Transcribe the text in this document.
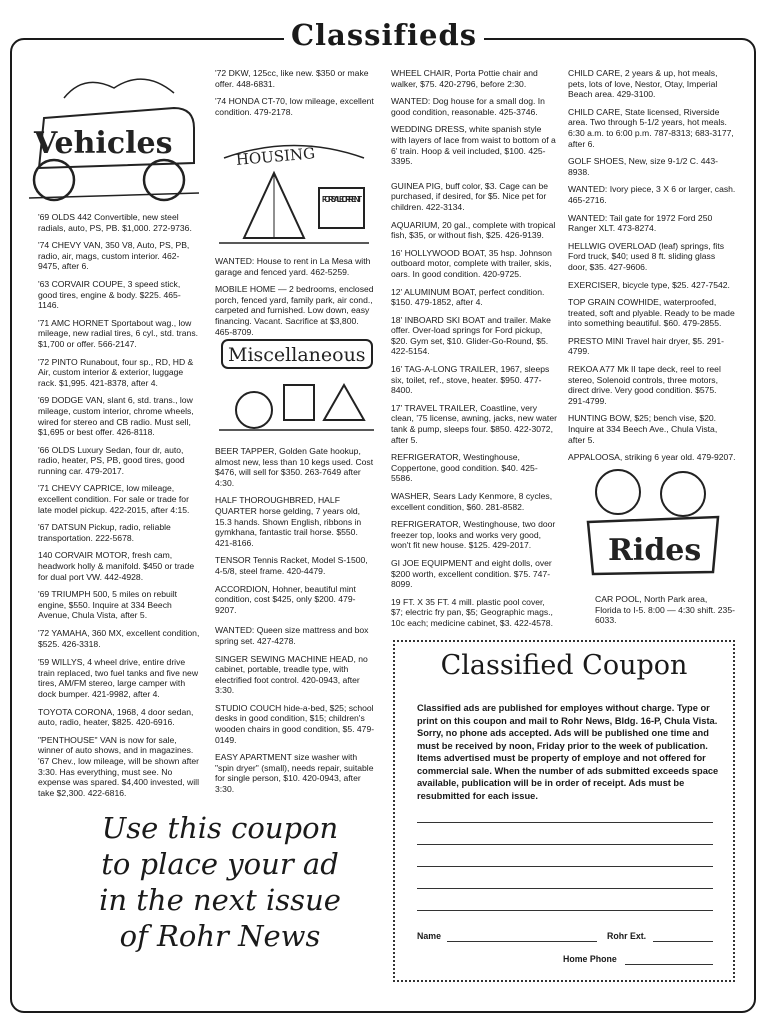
Classifieds
Vehicles	HOUSING
FOR SALE OR RENT
Miscellaneous
Rides
'69 OLDS 442 Convertible, new steel radials, auto, PS, PB. $1,000. 272-9736.
'74 CHEVY VAN, 350 V8, Auto, PS, PB, radio, air, mags, custom interior. 462-9475, after 6.
'63 CORVAIR COUPE, 3 speed stick, good tires, engine & body. $225. 465-1146.
'71 AMC HORNET Sportabout wag., low mileage, new radial tires, 6 cyl., std. trans. $1,700 or offer. 566-2147.
'72 PINTO Runabout, four sp., RD, HD & Air, custom interior & exterior, luggage rack. $1,995. 421-8378, after 4.
'69 DODGE VAN, slant 6, std. trans., low mileage, custom interior, chrome wheels, wired for stereo and CB radio. Must sell, $1,695 or best offer. 426-8118.
'66 OLDS Luxury Sedan, four dr, auto, radio, heater, PS, PB, good tires, good running car. 479-2017.
'71 CHEVY CAPRICE, low mileage, excellent condition. For sale or trade for late model pickup. 422-2015, after 4:15.
'67 DATSUN Pickup, radio, reliable transportation. 222-5678.
140 CORVAIR MOTOR, fresh cam, headwork holly & manifold. $450 or trade for dual port VW. 442-4928.
'69 TRIUMPH 500, 5 miles on rebuilt engine, $550. Inquire at 334 Beech Avenue, Chula Vista, after 5.
'72 YAMAHA, 360 MX, excellent condition, $525. 426-3318.
'59 WILLYS, 4 wheel drive, entire drive train replaced, two fuel tanks and five new tires, AM/FM stereo, large camper with dock bumper. 421-9982, after 4.
TOYOTA CORONA, 1968, 4 door sedan, auto, radio, heater, $825. 420-6916.
"PENTHOUSE" VAN is now for sale, winner of auto shows, and in magazines. '67 Chev., low mileage, will be shown after 3:30. Has everything, must see. No expense was spared. $4,400 invested, will take $2,300. 422-6816.
'72 DKW, 125cc, like new. $350 or make offer. 448-6831.
'74 HONDA CT-70, low mileage, excellent condition. 479-2178.
WANTED: House to rent in La Mesa with garage and fenced yard. 462-5259.
MOBILE HOME — 2 bedrooms, enclosed porch, fenced yard, family park, air cond., carpeted and furnished. Low down, easy financing. Vacant. Sacrifice at $3,800. 465-8709.
BEER TAPPER, Golden Gate hookup, almost new, less than 10 kegs used. Cost $476, will sell for $350. 263-7649 after 4:30.
HALF THOROUGHBRED, HALF QUARTER horse gelding, 7 years old, 15.3 hands. Shown English, ribbons in gymkhana, fantastic trail horse. $550. 421-8166.
TENSOR Tennis Racket, Model S-1500, 4-5/8, steel frame. 420-4479.
ACCORDION, Hohner, beautiful mint condition, cost $425, only $200. 479-9207.
WANTED: Queen size mattress and box spring set. 427-4278.
SINGER SEWING MACHINE HEAD, no cabinet, portable, treadle type, with electrified foot control. 420-0943, after 3:30.
STUDIO COUCH hide-a-bed, $25; school desks in good condition, $15; children's wooden chairs in good condition, $5. 479-0149.
EASY APARTMENT size washer with "spin dryer" (small), needs repair, suitable for single person, $10. 420-0943, after 3:30.
WHEEL CHAIR, Porta Pottie chair and walker, $75. 420-2796, before 2:30.
WANTED: Dog house for a small dog. In good condition, reasonable. 425-3746.
WEDDING DRESS, white spanish style with layers of lace from waist to bottom of a 6' train. Hoop & veil included, $100. 425-3395.
GUINEA PIG, buff color, $3. Cage can be purchased, if desired, for $5. Nice pet for children. 422-3134.
AQUARIUM, 20 gal., complete with tropical fish, $35, or without fish, $25. 426-9139.
16' HOLLYWOOD BOAT, 35 hsp. Johnson outboard motor, complete with trailer, skis, oars. In good condition. 420-9725.
12' ALUMINUM BOAT, perfect condition. $150. 479-1852, after 4.
18' INBOARD SKI BOAT and trailer. Make offer. Over-load springs for Ford pickup, $20. Gym set, $10. Glider-Go-Round, $5. 422-5154.
16' TAG-A-LONG TRAILER, 1967, sleeps six, toilet, ref., stove, heater. $950. 477-8400.
17' TRAVEL TRAILER, Coastline, very clean, '75 license, awning, jacks, new water tank & pump, sleeps four. $850. 422-3072, after 5.
REFRIGERATOR, Westinghouse, Coppertone, good condition. $40. 425-5586.
WASHER, Sears Lady Kenmore, 8 cycles, excellent condition, $60. 281-8582.
REFRIGERATOR, Westinghouse, two door freezer top, looks and works very good, won't fit new house. $125. 429-2017.
GI JOE EQUIPMENT and eight dolls, over $200 worth, excellent condition. $75. 747-8099.
19 FT. X 35 FT. 4 mill. plastic pool cover, $7; electric fry pan, $5; Geographic mags., 10c each; medicine cabinet, $3. 422-4578.
CHILD CARE, 2 years & up, hot meals, pets, lots of love, Nestor, Otay, Imperial Beach area. 429-3100.
CHILD CARE, State licensed, Riverside area. Two through 5-1/2 years, hot meals. 6:30 a.m. to 6:00 p.m. 787-8313; 683-3177, after 6.
GOLF SHOES, New, size 9-1/2 C. 443-8938.
WANTED: Ivory piece, 3 X 6 or larger, cash. 465-2716.
WANTED: Tail gate for 1972 Ford 250 Ranger XLT. 473-8274.
HELLWIG OVERLOAD (leaf) springs, fits Ford truck, $40; used 8 ft. sliding glass door, $35. 427-9606.
EXERCISER, bicycle type, $25. 427-7542.
TOP GRAIN COWHIDE, waterproofed, treated, soft and plyable. Ready to be made into something beautiful. $60. 479-2855.
PRESTO MINI Travel hair dryer, $5. 291-4799.
REKOA A77 Mk II tape deck, reel to reel stereo, Solenoid controls, three motors, direct drive. Very good condition. $575. 291-4799.
HUNTING BOW, $25; bench vise, $20. Inquire at 334 Beech Ave., Chula Vista, after 5.
APPALOOSA, striking 6 year old. 479-9207.
CAR POOL, North Park area, Florida to I-5. 8:00 — 4:30 shift. 235-6033.
Use this coupon
to place your ad
in the next issue
of Rohr News
Classified Coupon
Classified ads are published for employes without charge. Type or print on this coupon and mail to Rohr News, Bldg. 16-P, Chula Vista. Sorry, no phone ads accepted. Ads will be published one time and must be received by noon, Friday prior to the week of publication. Items advertised must be property of employe and not offered for commercial sale. When the number of ads submitted exceeds space available, publication will be in order of receipt. Ads must be resubmitted for each issue.
Name	Rohr Ext.
Home Phone
